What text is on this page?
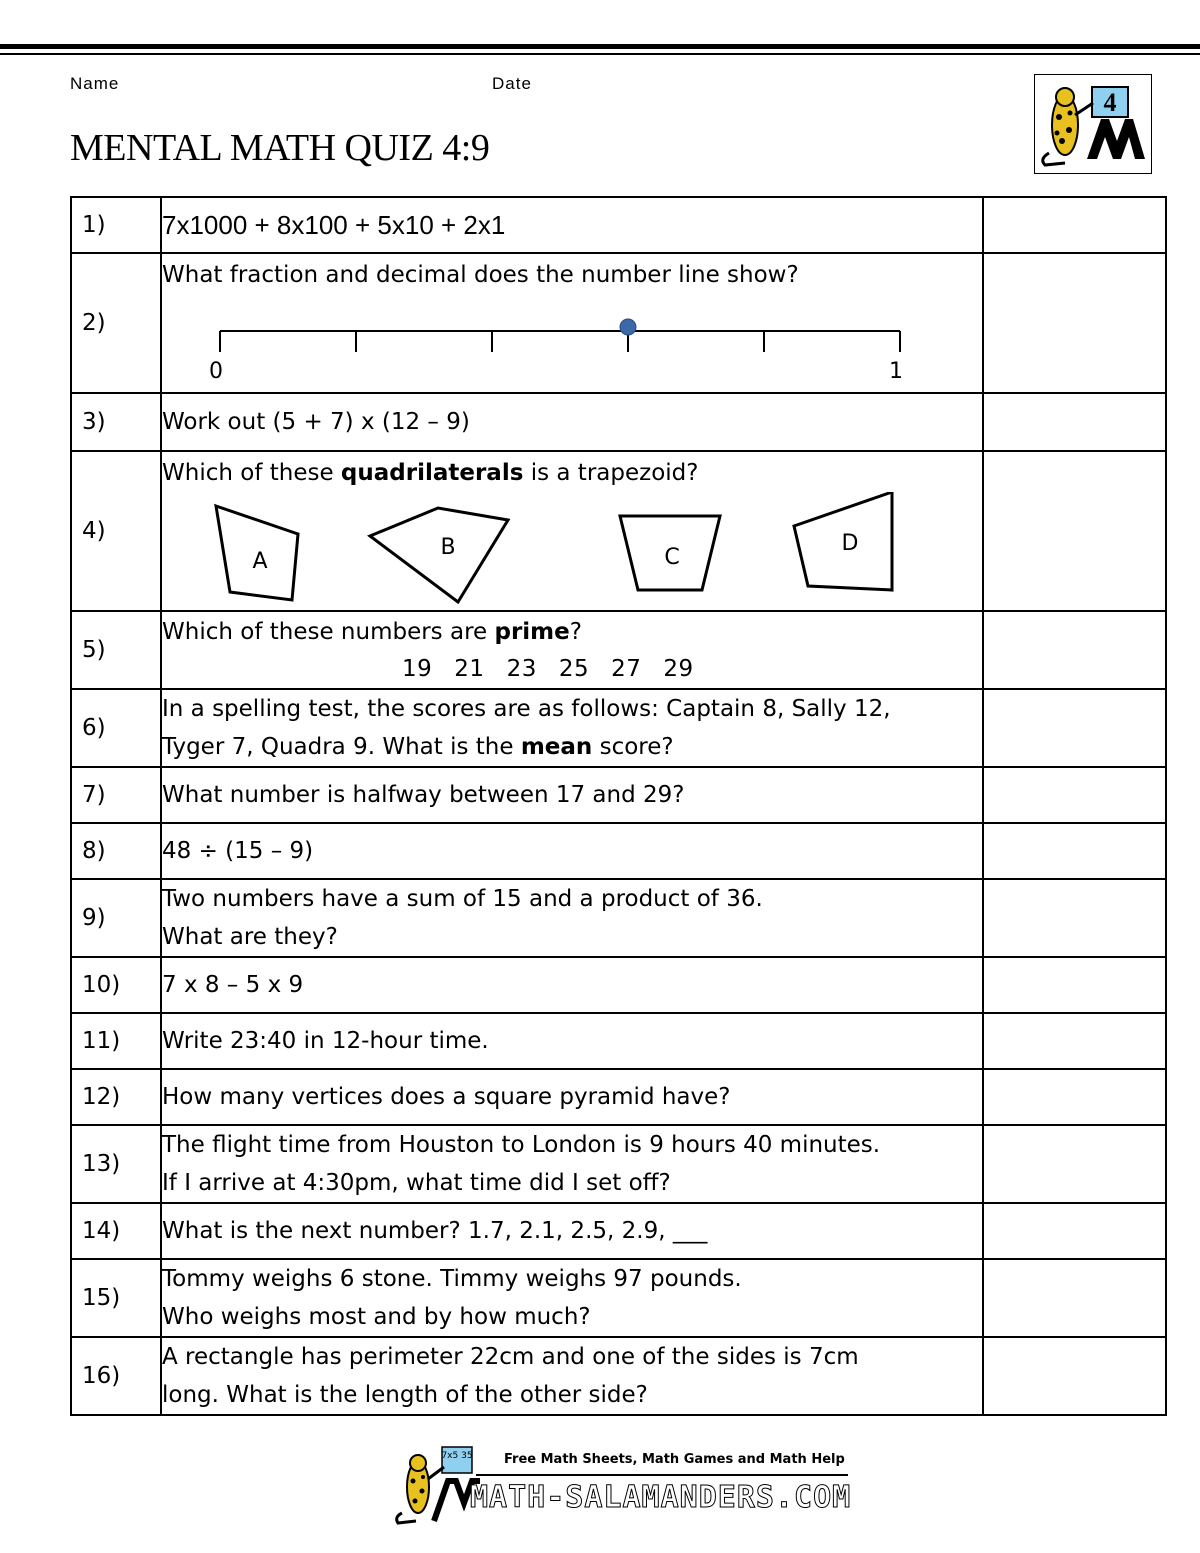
Name	Date
MENTAL MATH QUIZ 4:9
4
1)	7x1000 + 8x100 + 5x10 + 2x1	
2)	What fraction and decimal does the number line show?
0 1	

3)	Work out (5 + 7) x (12 – 9)	
4)	Which of these quadrilaterals is a trapezoid?
A
B C
D	

5)	Which of these numbers are prime?
19 21 23 25 27 29	

6)	In a spelling test, the scores are as follows: Captain 8, Sally 12,
Tyger 7, Quadra 9. What is the mean score?	

7)	What number is halfway between 17 and 29?	
8)	48 ÷ (15 – 9)	
9)	Two numbers have a sum of 15 and a product of 36.
What are they?	

10)	7 x 8 – 5 x 9	
11)	Write 23:40 in 12-hour time.	
12)	How many vertices does a square pyramid have?	
13)	The flight time from Houston to London is 9 hours 40 minutes.
If I arrive at 4:30pm, what time did I set off?	

14)	What is the next number? 1.7, 2.1, 2.5, 2.9, ___	
15)	Tommy weighs 6 stone. Timmy weighs 97 pounds.
Who weighs most and by how much?	

16)	A rectangle has perimeter 22cm and one of the sides is 7cm
long. What is the length of the other side?	

7x5 35 Free Math Sheets, Math Games and Math Help
MATH-SALAMANDERS.COM
